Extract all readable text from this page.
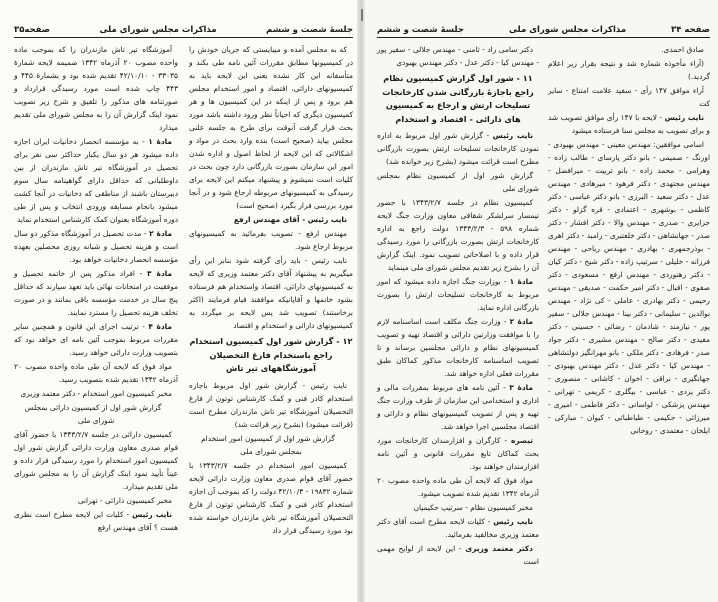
جلسهٔ شصت و ششم
مذاکرات مجلس شورای ملی
صفحه۳۵

که به مجلس آمده و میبایستی که جریان خودش را در کمیسیونها مطابق مقررات آئین نامه طی بکند و متأسفانه این کار نشده یعنی این لایحه باید به کمیسیونهای دارائی، اقتصاد و امور استخدام مجلس هم برود و پس از اینکه در این کمیسیون ها و هر کمیسیون دیگری که احیاناً نظر ورود داشته باشد مورد بحث قرار گرفت آنوقت برای طرح به جلسه علنی مجلس بیاید (صحیح است) بنده وارد بحث در مواد و اشکالاتی که این لایحه از لحاظ اصول و اداره شدن امور این سازمان بصورت بازرگانی دارد چون بحث در کلیات است نمیشوم و پیشنهاد میکنم این لایحه برای رسیدگی به کمیسیونهای مربوطه ارجاع شود و در آنجا مورد بررسی قرار بگیرد (صحیح است)

نایب رئیس - آقای مهندس ارفع

مهندس ارفع - تصویب بفرمائید به کمیسیونهای مربوط ارجاع شود.

نایب رئیس - باید رأی گرفته شود بنابر این رأی میگیریم به پیشنهاد آقای دکتر معتمد وزیری که لایحه به کمیسیونهای دارائی، اقتصاد واستخدام هم فرستاده بشود خانمها و آقایانیکه موافقند قیام فرمایند (اکثر برخاستند) تصویب شد پس لایحه بر میگردد به کمیسیونهای دارائی و استخدام و اقتصاد

۱۲ - گزارش شور اول کمیسیون استخدام راجع باستخدام فارغ التحصیلان آموزشگاههای تیر تاش

نایب رئیس - گزارش شور اول مربوط باجازه استخدام کادر فنی و کمک کارشناس توتون از فارغ التحصیلان آموزشگاه تیر تاش مازندران مطرح است (قرائت میشود) (بشرح زیر قرائت شد)

گزارش شور اول از کمیسیون امور استخدام بمجلس شورای ملی

کمیسیون امور استخدام در جلسه ۱۳۴۳/۲/۷ با حضور آقای قوام صدری معاون وزارت دارائی لایحه شماره ۱۹۸۳۲ - ۴۲/۱۰/۳ دولت را که بموجب آن اجازه استخدام کادر فنی و کمک کارشناس توتون از فارغ التحصیلان آموزشگاه تیر تاش مازندران خواسته شده بود مورد رسیدگی قرار داد

آموزشگاه تیر تاش مازندران را که بموجب ماده واحده مصوب ۲۰ آذرماه ۱۳۴۲ ضمیمه لایحه شمارهٔ ۳۳۰۳۵ - ۴۲/۱۰/۱۰ تقدیم شده بود و بشمارهٔ ۴۴۵ و ۴۴۳ چاپ شده است مورد رسیدگی قرارداد و صورتنامه های مذکور را تلفیق و شرح زیر تصویب نمود اینک گزارش آن را به مجلس شورای ملی تقدیم میدارد

مادهٔ ۱ - به مؤسسه انحصار دخانیات ایران اجازه داده میشود هر دو سال یکبار حداکثر سی نفر برای تحصیل در آموزشگاه تیر تاش مازندران از بین داوطلبانی که حداقل دارای گواهینامه سال سوم دبیرستان باشند از مناطقی که دخانیات در آنجا کشت میشود بانجام مسابقه ورودی انتخاب و پس از طی دوره آموزشگاه بعنوان کمک کارشناس استخدام نماید

مادهٔ ۲ - مدت تحصیل در آموزشگاه مذکور دو سال است و هزینه تحصیل و شبانه روزی محصلین بعهده مؤسسه انحصار دخانیات خواهد بود.

مادهٔ ۳ - افراد مذکور پس از خاتمه تحصیل و موفقیت در امتحانات نهائی باید تعهد سپارند که حداقل پنج سال در خدمت مؤسسه باقی بمانند و در صورت تخلف هزینه تحصیل را مسترد نمایند.

مادهٔ ۴ - ترتیب اجرای این قانون و همچنین سایر مقررات مربوط بموجب آئین نامه ای خواهد بود که بتصویب وزارت دارائی خواهد رسید.

مواد فوق که لایحه آن طی ماده واحده مصوب ۲۰ آذرماه ۱۳۴۲ تقدیم شده بتصویب رسید.

مخبر کمیسیون امور استخدام - دکتر معتمد وزیری

گزارش شور اول از کمیسیون دارائی بمجلس شورای ملی

کمیسیون دارائی در جلسه ۱۳۴۳/۲/۷ با حضور آقای قوام صدری معاون وزارت دارائی گزارش شور اول کمیسیون امور استخدام را مورد رسیدگی قرار داده و عیناً تأیید نمود اینک گزارش آن را به مجلس شورای ملی تقدیم میدارد.

مخبر کمیسیون دارائی - تهرانی

نایب رئیس - کلیات این لایحه مطرح است نظری هست ؟ آقای مهندس ارفع

❘
صفحه ۳۴
مذاکرات مجلس شورای ملی
جلسهٔ شصت و ششم

صادق احمدی.

(آراء مأخوذه شماره شد و نتیجه بقرار زیر اعلام گردید.)

آراء موافق ۱۴۷ رأی - سفید علامت امتناع - سایر کت

نایب رئیس - لایحه با ۱۴۷ رأی موافق تصویب شد و برای تصویب به مجلس سنا فرستاده میشود

اسامی موافقین: مهندس معینی - مهندس بهبودی - اورنگ - صمیمی - بانو دکتر پارسای - طالب زاده - وهرامی - محمد زاده - بانو تربیت - میرافضل - مهندس مجتهدی - دکتر فرهود - میرهادی - مهندس عدل - دکتر سعید - البرزی - بانو دکتر عباسی - دکتر کاظمی - بوشهری - اعتمادی - قره گزلو - دکتر جزایری - صدری - مهندس والا - دکتر افشار - دکتر صدر - جهانشاهی - دکتر خلعتبری - رامبد - دکتر اهری - بوذرجمهری - بهادری - مهندس ریاحی - مهندس فرزانه - خلیلی - سرتیپ زاده - دکتر شیخ - دکتر کیان - دکتر رهنوردی - مهندس ارفع - مسعودی - دکتر صفوی - اقبال - دکتر امیر حکمت - صدیقی - مهندس رحیمی - دکتر بهادری - عاملی - کی نژاد - مهندس نوالدین - سلیمانی - دکتر بینا - مهندس جلالی - سفیر پور - نیازمند - شادمان - رضائی - حسینی - دکتر مفیدی - دکتر صالح - مهندس مشیری - دکتر جواد صدر - فرهادی - دکتر ملکی - بانو مهرانگیز دولتشاهی - مهندس کیا - دکتر عدل - دکتر مهندس بهبودی - جهانگیری - نراقی - اخوان - کاشانی - منصوری - دکتر یزدی - عباسی - بیگلری - کریمی - تهرانی - مهندس پزشکی - لواسانی - دکتر فاطمی - امیری - میرزائی - حکیمی - طباطبائی - کیوان - مبارکی - ایلخان - معتمدی - روحانی

دکتر سامی راد - ثامنی - مهندس جلالی - سفیر پور - مهندس کیا - دکتر عدل - دکتر مهندس بهبودی

۱۱ - شور اول گزارش کمیسیون نظام راجع باجازهٔ بازرگانی شدن کارخانجات تسلیحات ارتش و ارجاع به کمیسیون های دارائی - اقتصاد و استخدام

نایب رئیس - گزارش شور اول مربوط به اداره نمودن کارخانجات تسلیحات ارتش بصورت بازرگانی مطرح است قرائت میشود (بشرح زیر خوانده شد)

گزارش شور اول از کمیسیون نظام بمجلس شورای ملی

کمیسیون نظام در جلسه ۱۳۴۳/۲/۷ با حضور تیمسار سرلشکر شقاقی معاون وزارت جنگ لایحه شماره ۵۹۸ - ۱۳۴۳/۲/۳ دولت راجع به اداره کارخانجات ارتش بصورت بازرگانی را مورد رسیدگی قرار داده و با اصلاحاتی تصویب نمود. اینک گزارش آن را بشرح زیر تقدیم مجلس شورای ملی مینماید

مادهٔ ۱ - بوزارت جنگ اجازه داده میشود که امور مربوط به کارخانجات تسلیحات ارتش را بصورت بازرگانی اداره نماید.

مادهٔ ۲ - وزارت جنگ مکلف است اساسنامه لازم را با موافقت وزارتین دارائی و اقتصاد تهیه و تصویب کمیسیونهای نظام و دارائی مجلسین برساند و تا تصویب اساسنامه کارخانجات مذکور کماکان طبق مقررات فعلی اداره خواهد شد.

مادهٔ ۳ - آئین نامه های مربوط بمقررات مالی و اداری و استخدامی این سازمان از طرف وزارت جنگ تهیه و پس از تصویب کمیسیونهای نظام و دارائی و اقتصاد مجلسین اجرا خواهد شد.

تبصره - کارگران و افزارمندان کارخانجات مورد بحث کماکان تابع مقررات قانونی و آئین نامه افزارمندان خواهند بود.

مواد فوق که لایحه آن طی ماده واحده مصوب ۲۰ آذرماه ۱۳۴۲ تقدیم شده تصویب میشود.

مخبر کمیسیون نظام - سرتیپ حکیمیان

نایب رئیس - کلیات لایحه مطرح است آقای دکتر معتمد وزیری مخالفید بفرمائید.

دکتر معتمد وزیری - این لایحه از لوایح مهمی است
